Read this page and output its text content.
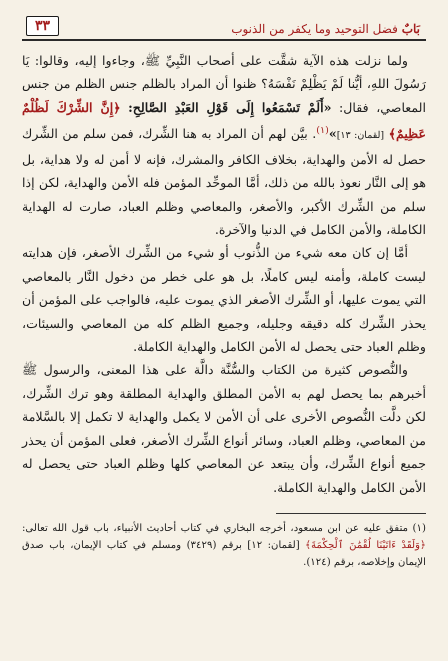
بَابٌ فضل التوحيد وما يكفر من الذنوب
٣٣

ولما نزلت هذه الآية شقَّت على أصحاب النَّبِيِّ ﷺ، وجاءوا إليه، وقالوا: يَا رَسُولَ اللهِ، أيُّنا لَمْ يَظْلِمْ نَفْسَهُ؟ ظنوا أن المراد بالظلم جنس الظلم من جنس المعاصي، فقال: «أَلَمْ تَسْمَعُوا إِلَى قَوْلِ العَبْدِ الصَّالِحِ: ﴿إِنَّ الشِّرْكَ لَظُلْمٌ عَظِيمٌ﴾ [لقمان: ١٣]»$^{(١)}$. بيَّن لهم أن المراد به هنا الشِّرك، فمن سلم من الشِّرك حصل له الأمن والهداية، بخلاف الكافر والمشرك، فإنه لا أمن له ولا هداية، بل هو إلى النَّار نعوذ بالله من ذلك، أمَّا الموحِّد المؤمن فله الأمن والهداية، لكن إذا سلم من الشِّرك الأكبر، والأصغر، والمعاصي وظلم العباد، صارت له الهداية الكاملة، والأمن الكامل في الدنيا والآخرة.

أمَّا إن كان معه شيء من الذُّنوب أو شيء من الشِّرك الأصغر، فإن هدايته ليست كاملة، وأمنه ليس كاملًا، بل هو على خطر من دخول النَّار بالمعاصي التي يموت عليها، أو الشِّرك الأصغر الذي يموت عليه، فالواجب على المؤمن أن يحذر الشِّرك كله دقيقه وجليله، وجميع الظلم كله من المعاصي والسيئات، وظلم العباد حتى يحصل له الأمن الكامل والهداية الكاملة.

والنُّصوص كثيرة من الكتاب والسُّنَّة دالَّة على هذا المعنى، والرسول ﷺ أخبرهم بما يحصل لهم به الأمن المطلق والهداية المطلقة وهو ترك الشِّرك، لكن دلَّت النُّصوص الأخرى على أن الأمن لا يكمل والهداية لا تكمل إلا بالسَّلامة من المعاصي، وظلم العباد، وسائر أنواع الشِّرك الأصغر، فعلى المؤمن أن يحذر جميع أنواع الشِّرك، وأن يبتعد عن المعاصي كلها وظلم العباد حتى يحصل له الأمن الكامل والهداية الكاملة.

(١) متفق عليه عن ابن مسعود، أخرجه البخاري في كتاب أحاديث الأنبياء، باب قول الله تعالى: ﴿وَلَقَدْ ءَاتَيْنَا لُقْمَٰنَ ٱلْحِكْمَةَ﴾ [لقمان: ١٢] برقم (٣٤٢٩) ومسلم في كتاب الإيمان، باب صدق الإيمان وإخلاصه، برقم (١٢٤).
